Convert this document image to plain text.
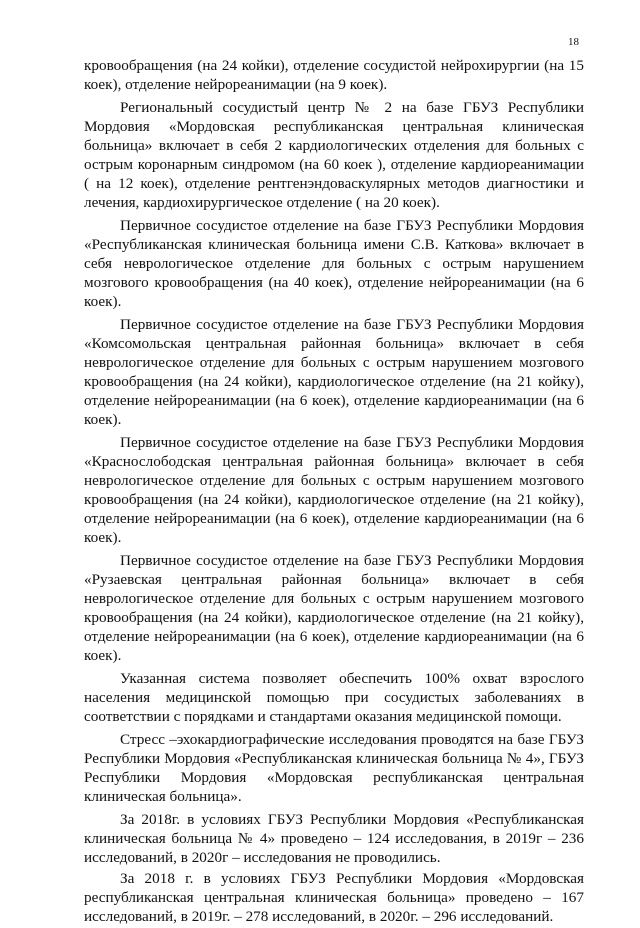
18

кровообращения (на 24 койки), отделение сосудистой нейрохирургии (на 15 коек), отделение нейрореанимации (на 9 коек).

Региональный сосудистый центр № 2 на базе ГБУЗ Республики Мордовия «Мордовская республиканская центральная клиническая больница» включает в себя 2 кардиологических отделения для больных с острым коронарным синдромом (на 60 коек ), отделение кардиореанимации ( на 12 коек), отделение рентгенэндоваскулярных методов диагностики и лечения, кардиохирургическое отделение ( на 20 коек).

Первичное сосудистое отделение на базе ГБУЗ Республики Мордовия «Республиканская клиническая больница имени С.В. Каткова» включает в себя неврологическое отделение для больных с острым нарушением мозгового кровообращения (на 40 коек), отделение нейрореанимации (на 6 коек).

Первичное сосудистое отделение на базе ГБУЗ Республики Мордовия «Комсомольская центральная районная больница» включает в себя неврологическое отделение для больных с острым нарушением мозгового кровообращения (на 24 койки), кардиологическое отделение (на 21 койку), отделение нейрореанимации (на 6 коек), отделение кардиореанимации (на 6 коек).

Первичное сосудистое отделение на базе ГБУЗ Республики Мордовия «Краснослободская центральная районная больница» включает в себя неврологическое отделение для больных с острым нарушением мозгового кровообращения (на 24 койки), кардиологическое отделение (на 21 койку), отделение нейрореанимации (на 6 коек), отделение кардиореанимации (на 6 коек).

Первичное сосудистое отделение на базе ГБУЗ Республики Мордовия «Рузаевская центральная районная больница» включает в себя неврологическое отделение для больных с острым нарушением мозгового кровообращения (на 24 койки), кардиологическое отделение (на 21 койку), отделение нейрореанимации (на 6 коек), отделение кардиореанимации (на 6 коек).

Указанная система позволяет обеспечить 100% охват взрослого населения медицинской помощью при сосудистых заболеваниях в соответствии с порядками и стандартами оказания медицинской помощи.

Стресс –эхокардиографические исследования проводятся на базе ГБУЗ Республики Мордовия «Республиканская клиническая больница № 4», ГБУЗ Республики Мордовия «Мордовская республиканская центральная клиническая больница».

За 2018г. в условиях ГБУЗ Республики Мордовия «Республиканская клиническая больница № 4» проведено – 124 исследования, в 2019г – 236 исследований, в 2020г – исследования не проводились.

За 2018 г. в условиях ГБУЗ Республики Мордовия «Мордовская республиканская центральная клиническая больница» проведено – 167 исследований, в 2019г. – 278 исследований, в 2020г. – 296 исследований.
